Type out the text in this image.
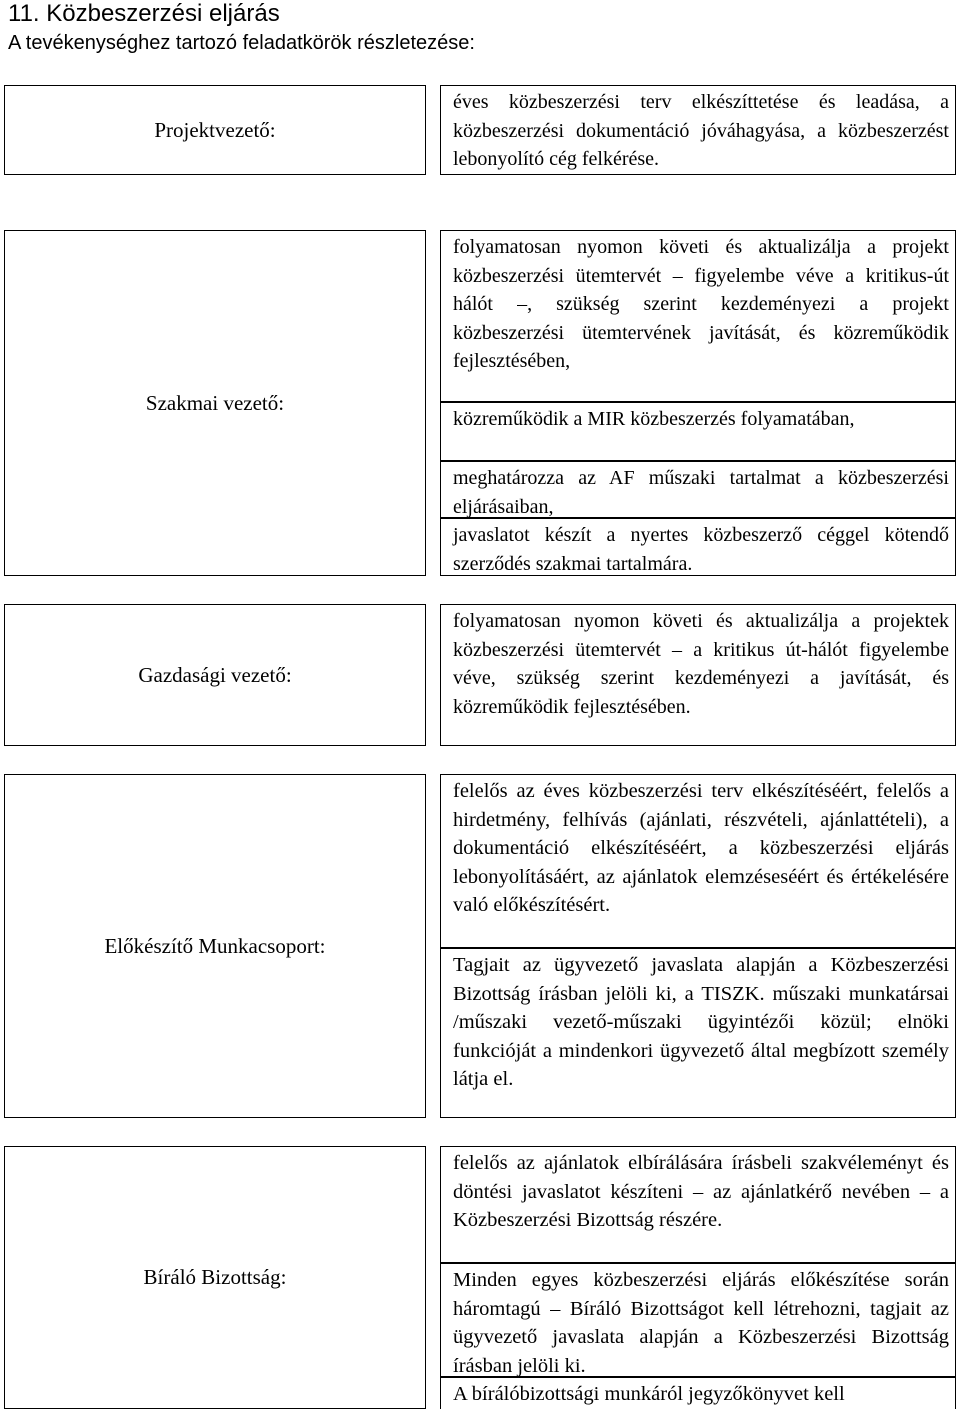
11. Közbeszerzési eljárás
A tevékenységhez tartozó feladatkörök részletezése:
Projektvezető:
éves közbeszerzési terv elkészíttetése és leadása, a közbeszerzési dokumentáció jóváhagyása, a közbeszerzést lebonyolító cég felkérése.
Szakmai vezető:
folyamatosan nyomon követi és aktualizálja a projekt közbeszerzési ütemtervét – figyelembe véve a kritikus-út hálót –, szükség szerint kezdeményezi a projekt közbeszerzési ütemtervének javítását, és közreműködik fejlesztésében,
közreműködik a MIR közbeszerzés folyamatában,
meghatározza az AF műszaki tartalmat a közbeszerzési eljárásaiban,
javaslatot készít a nyertes közbeszerző céggel kötendő szerződés szakmai tartalmára.
Gazdasági vezető:
folyamatosan nyomon követi és aktualizálja a projektek közbeszerzési ütemtervét – a kritikus út-hálót figyelembe véve, szükség szerint kezdeményezi a javítását, és közreműködik fejlesztésében.
Előkészítő Munkacsoport:
felelős az éves közbeszerzési terv elkészítéséért, felelős a hirdetmény, felhívás (ajánlati, részvételi, ajánlattételi), a dokumentáció elkészítéséért, a közbeszerzési eljárás lebonyolításáért, az ajánlatok elemzéseséért és értékelésére való előkészítésért.
Tagjait az ügyvezető javaslata alapján a Közbeszerzési Bizottság írásban jelöli ki, a TISZK. műszaki munkatársai /műszaki vezető-műszaki ügyintézői közül; elnöki funkcióját a mindenkori ügyvezető által megbízott személy látja el.
Bíráló Bizottság:
felelős az ajánlatok elbírálására írásbeli szakvéleményt és döntési javaslatot készíteni – az ajánlatkérő nevében – a Közbeszerzési Bizottság részére.
Minden egyes közbeszerzési eljárás előkészítése során háromtagú – Bíráló Bizottságot kell létrehozni, tagjait az ügyvezető javaslata alapján a Közbeszerzési Bizottság írásban jelöli ki.
A bírálóbizottsági munkáról jegyzőkönyvet kell
